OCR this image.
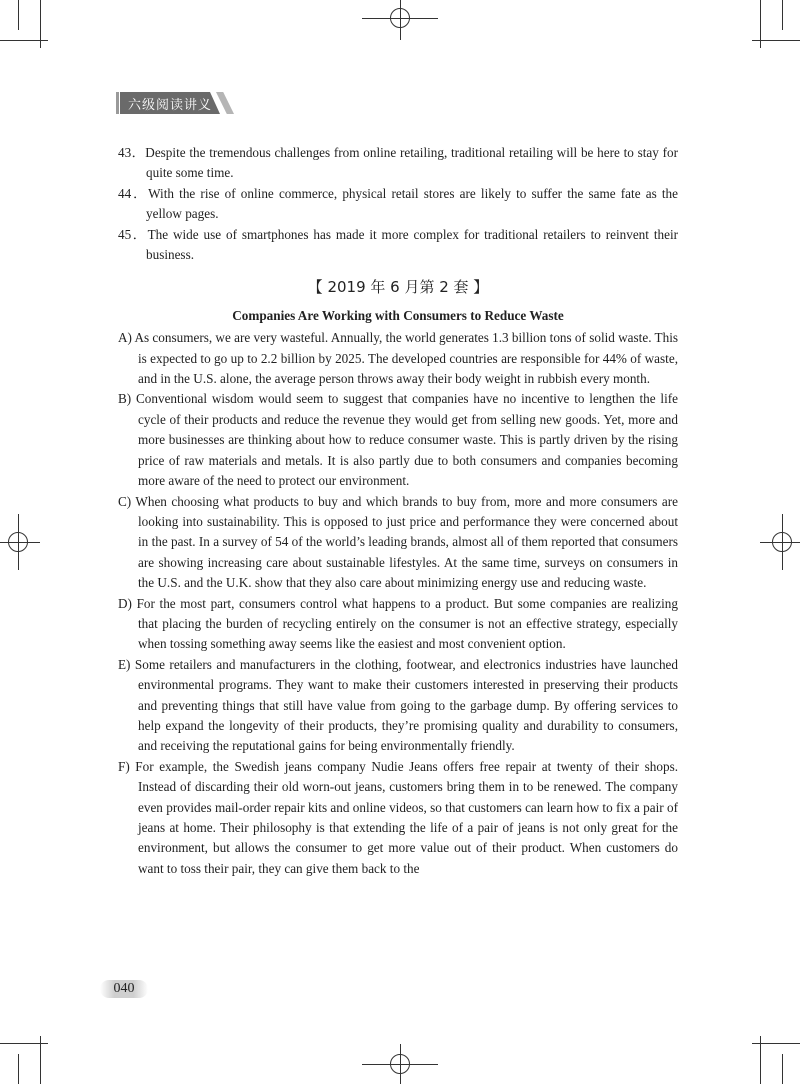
六级阅读讲义

43．Despite the tremendous challenges from online retailing, traditional retailing will be here to stay for quite some time.

44．With the rise of online commerce, physical retail stores are likely to suffer the same fate as the yellow pages.

45．The wide use of smartphones has made it more complex for traditional retailers to reinvent their business.

【 2019 年 6 月第 2 套 】
Companies Are Working with Consumers to Reduce Waste

A) As consumers, we are very wasteful. Annually, the world generates 1.3 billion tons of solid waste. This is expected to go up to 2.2 billion by 2025. The developed countries are responsible for 44% of waste, and in the U.S. alone, the average person throws away their body weight in rubbish every month.

B) Conventional wisdom would seem to suggest that companies have no incentive to lengthen the life cycle of their products and reduce the revenue they would get from selling new goods. Yet, more and more businesses are thinking about how to reduce consumer waste. This is partly driven by the rising price of raw materials and metals. It is also partly due to both consumers and companies becoming more aware of the need to protect our environment.

C) When choosing what products to buy and which brands to buy from, more and more consumers are looking into sustainability. This is opposed to just price and performance they were concerned about in the past. In a survey of 54 of the world’s leading brands, almost all of them reported that consumers are showing increasing care about sustainable lifestyles. At the same time, surveys on consumers in the U.S. and the U.K. show that they also care about minimizing energy use and reducing waste.

D) For the most part, consumers control what happens to a product. But some companies are realizing that placing the burden of recycling entirely on the consumer is not an effective strategy, especially when tossing something away seems like the easiest and most convenient option.

E) Some retailers and manufacturers in the clothing, footwear, and electronics industries have launched environmental programs. They want to make their customers interested in preserving their products and preventing things that still have value from going to the garbage dump. By offering services to help expand the longevity of their products, they’re promising quality and durability to consumers, and receiving the reputational gains for being environmentally friendly.

F) For example, the Swedish jeans company Nudie Jeans offers free repair at twenty of their shops. Instead of discarding their old worn-out jeans, customers bring them in to be renewed. The company even provides mail-order repair kits and online videos, so that customers can learn how to fix a pair of jeans at home. Their philosophy is that extending the life of a pair of jeans is not only great for the environment, but allows the consumer to get more value out of their product. When customers do want to toss their pair, they can give them back to the

040
